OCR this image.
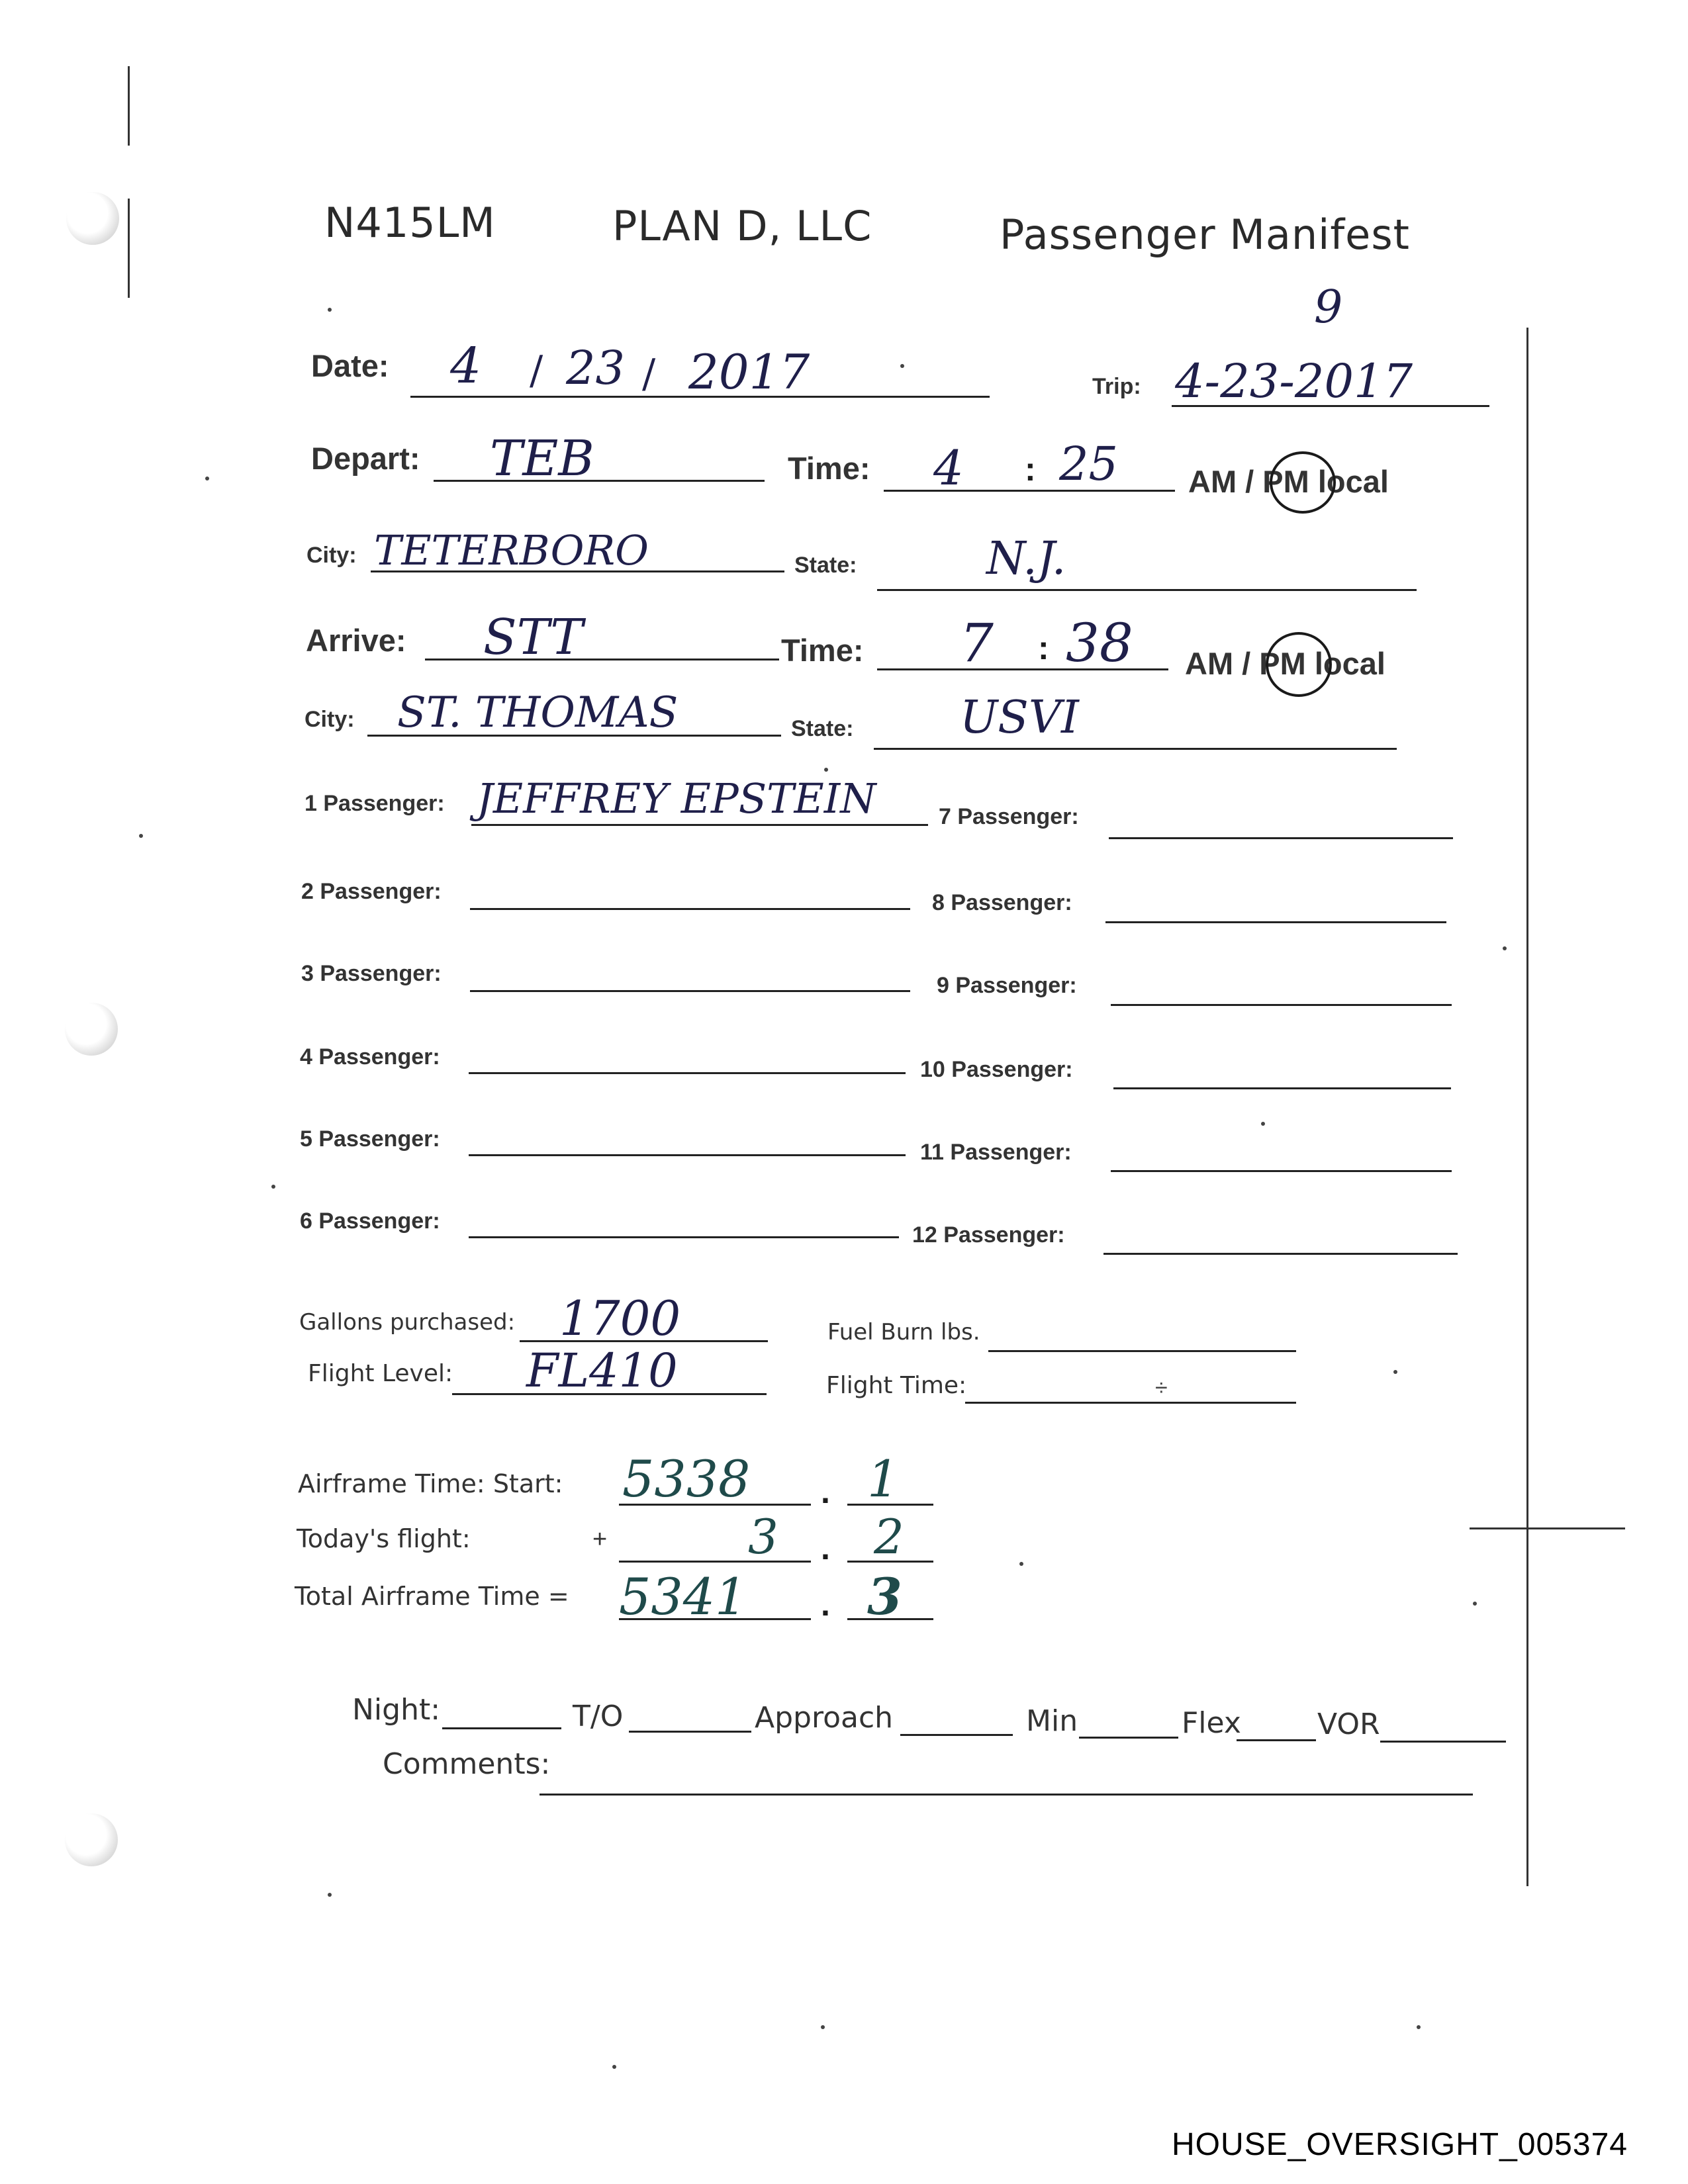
N415LM	PLAN D, LLC	Passenger Manifest
9
Date: 4 / 23 / 2017	Trip: 4-23-2017
Depart: TEB	Time: 4 : 25 AM / PM local
City: TETERBORO	State:	N.J.
Arrive: STT	Time: 7 : 38 AM / PM local
City: ST. THOMAS	State: USVI
1 Passenger: JEFFREY EPSTEIN
2 Passenger:
3 Passenger:
4 Passenger:
5 Passenger:
6 Passenger:
7 Passenger:
8 Passenger:
9 Passenger:
10 Passenger:
11 Passenger:
12 Passenger:
Gallons purchased: 1700	Fuel Burn lbs.
Flight Level: FL410	Flight Time:	÷
Airframe Time: Start: 5338 . 1
Today's flight:	+	3 . 2
Total Airframe Time = 5341 . 3
Night:	T/O	Approach	Min	Flex	VOR
Comments:
HOUSE_OVERSIGHT_005374
